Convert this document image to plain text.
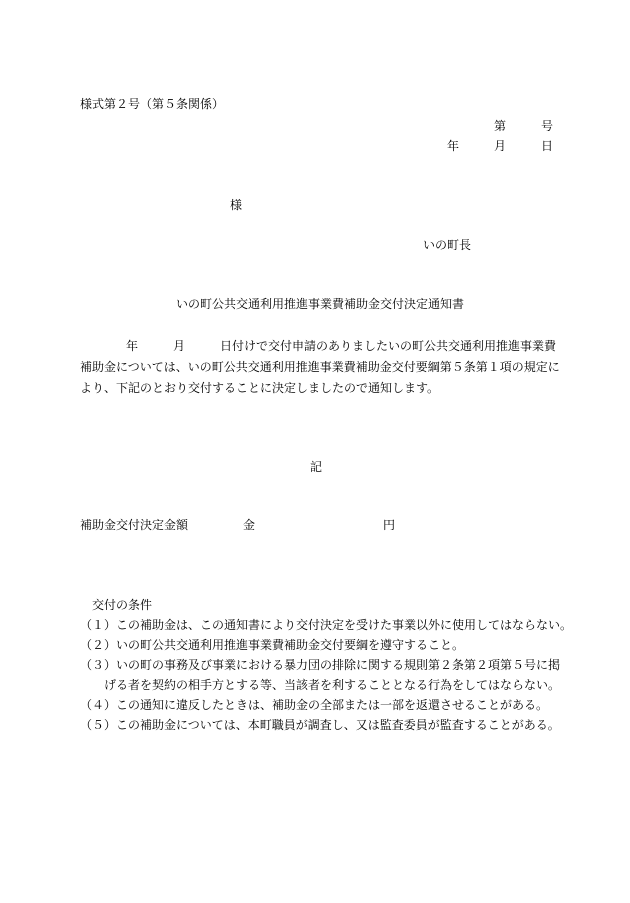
様式第２号（第５条関係）
第	号
年	月	日
様
いの町長
いの町公共交通利用推進事業費補助金交付決定通知書
年	月	日付けで交付申請のありましたいの町公共交通利用推進事業費
補助金については、いの町公共交通利用推進事業費補助金交付要綱第５条第１項の規定に
より、下記のとおり交付することに決定しましたので通知します。
記
補助金交付決定金額	金	円
交付の条件
（１）この補助金は、この通知書により交付決定を受けた事業以外に使用してはならない。
（２）いの町公共交通利用推進事業費補助金交付要綱を遵守すること。
（３）いの町の事務及び事業における暴力団の排除に関する規則第２条第２項第５号に掲
げる者を契約の相手方とする等、当該者を利することとなる行為をしてはならない。
（４）この通知に違反したときは、補助金の全部または一部を返還させることがある。
（５）この補助金については、本町職員が調査し、又は監査委員が監査することがある。
